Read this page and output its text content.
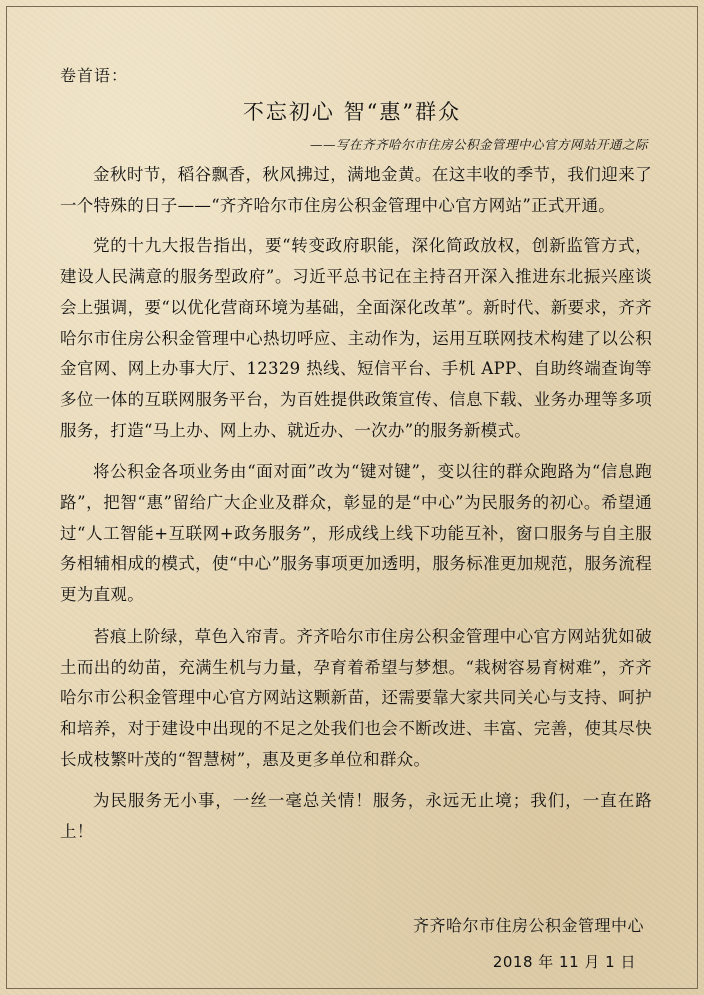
卷首语：
不忘初心 智“惠”群众
——写在齐齐哈尔市住房公积金管理中心官方网站开通之际

金秋时节，稻谷飘香，秋风拂过，满地金黄。在这丰收的季节，我们迎来了一个特殊的日子——“齐齐哈尔市住房公积金管理中心官方网站”正式开通。

党的十九大报告指出，要“转变政府职能，深化简政放权，创新监管方式，建设人民满意的服务型政府”。习近平总书记在主持召开深入推进东北振兴座谈会上强调，要“以优化营商环境为基础，全面深化改革”。新时代、新要求，齐齐哈尔市住房公积金管理中心热切呼应、主动作为，运用互联网技术构建了以公积金官网、网上办事大厅、12329 热线、短信平台、手机 APP、自助终端查询等多位一体的互联网服务平台，为百姓提供政策宣传、信息下载、业务办理等多项服务，打造“马上办、网上办、就近办、一次办”的服务新模式。

将公积金各项业务由“面对面”改为“键对键”，变以往的群众跑路为“信息跑路”，把智“惠”留给广大企业及群众，彰显的是“中心”为民服务的初心。希望通过“人工智能+互联网+政务服务”，形成线上线下功能互补，窗口服务与自主服务相辅相成的模式，使“中心”服务事项更加透明，服务标准更加规范，服务流程更为直观。

苔痕上阶绿，草色入帘青。齐齐哈尔市住房公积金管理中心官方网站犹如破土而出的幼苗，充满生机与力量，孕育着希望与梦想。“栽树容易育树难”，齐齐哈尔市公积金管理中心官方网站这颗新苗，还需要靠大家共同关心与支持、呵护和培养，对于建设中出现的不足之处我们也会不断改进、丰富、完善，使其尽快长成枝繁叶茂的“智慧树”，惠及更多单位和群众。

为民服务无小事，一丝一毫总关情！服务，永远无止境；我们，一直在路上！

齐齐哈尔市住房公积金管理中心
2018 年 11 月 1 日
